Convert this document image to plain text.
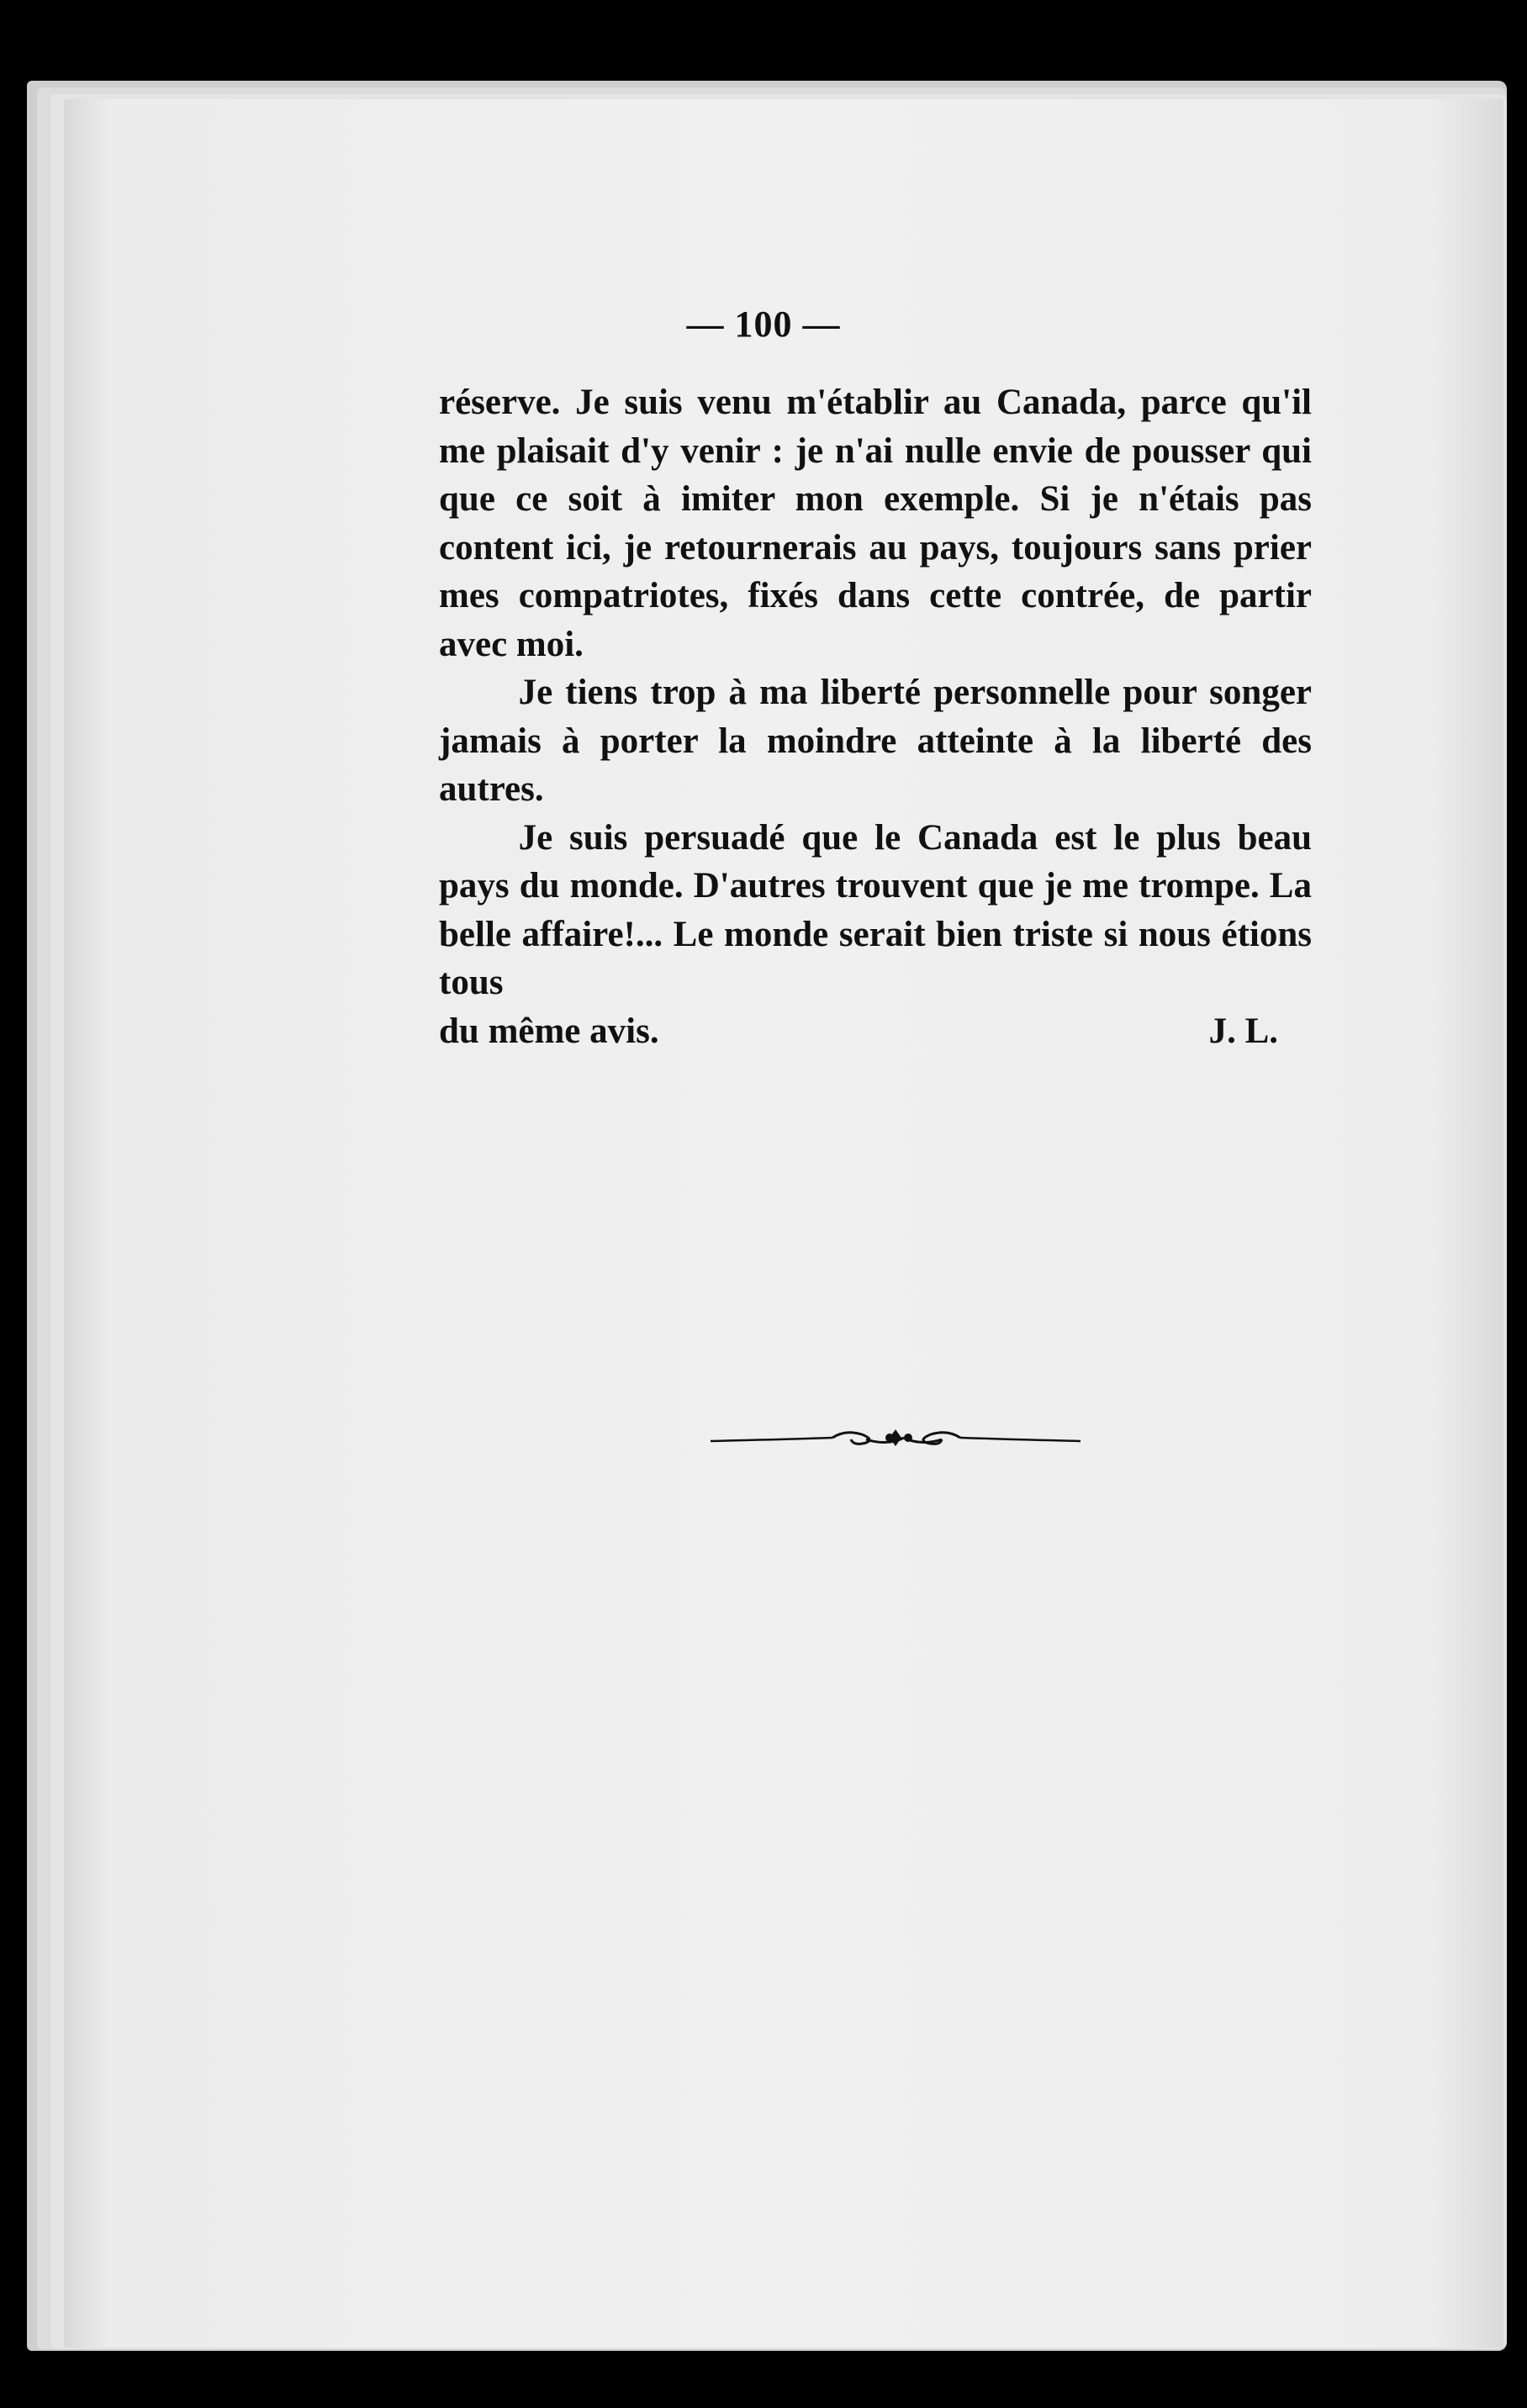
— 100 —

réserve. Je suis venu m'établir au Canada, parce qu'il me plaisait d'y venir : je n'ai nulle envie de pousser qui que ce soit à imiter mon exemple. Si je n'étais pas content ici, je retournerais au pays, toujours sans prier mes compatriotes, fixés dans cette contrée, de partir avec moi.

Je tiens trop à ma liberté personnelle pour songer jamais à porter la moindre atteinte à la liberté des autres.

Je suis persuadé que le Canada est le plus beau pays du monde. D'autres trouvent que je me trompe. La belle affaire!... Le monde serait bien triste si nous étions tous

du même avis.	J. L.
